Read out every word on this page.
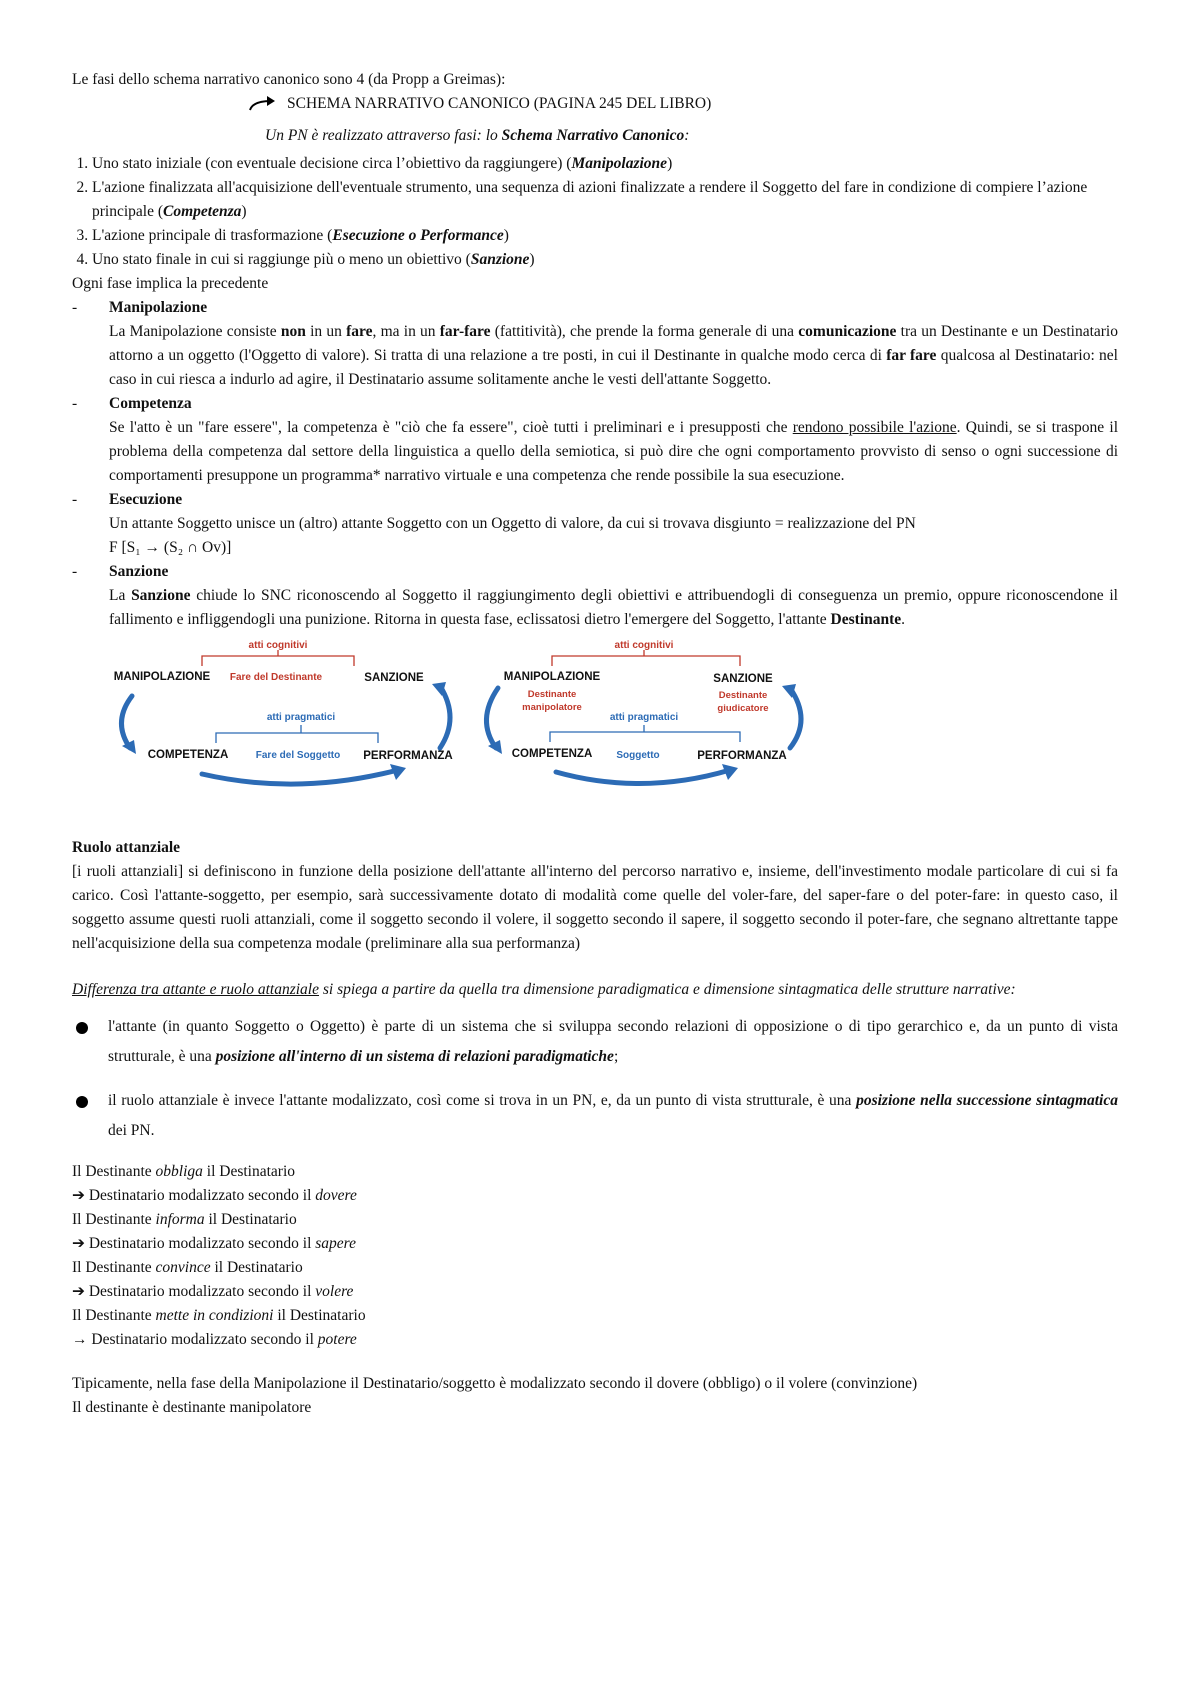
Le fasi dello schema narrativo canonico sono 4 (da Propp a Greimas):

SCHEMA NARRATIVO CANONICO (PAGINA 245 DEL LIBRO)

Un PN è realizzato attraverso fasi: lo Schema Narrativo Canonico:

1. Uno stato iniziale (con eventuale decisione circa l’obiettivo da raggiungere) (Manipolazione)
2. L'azione finalizzata all'acquisizione dell'eventuale strumento, una sequenza di azioni finalizzate a rendere il Soggetto del fare in condizione di compiere l’azione principale (Competenza)
3. L'azione principale di trasformazione (Esecuzione o Performance)
4. Uno stato finale in cui si raggiunge più o meno un obiettivo (Sanzione)

Ogni fase implica la precedente

-	Manipolazione

La Manipolazione consiste non in un fare, ma in un far-fare (fattitività), che prende la forma generale di una comunicazione tra un Destinante e un Destinatario attorno a un oggetto (l'Oggetto di valore). Si tratta di una relazione a tre posti, in cui il Destinante in qualche modo cerca di far fare qualcosa al Destinatario: nel caso in cui riesca a indurlo ad agire, il Destinatario assume solitamente anche le vesti dell'attante Soggetto.

-	Competenza

Se l'atto è un "fare essere", la competenza è "ciò che fa essere", cioè tutti i preliminari e i presupposti che rendono possibile l'azione. Quindi, se si traspone il problema della competenza dal settore della linguistica a quello della semiotica, si può dire che ogni comportamento provvisto di senso o ogni successione di comportamenti presuppone un programma* narrativo virtuale e una competenza che rende possibile la sua esecuzione.

-	Esecuzione

Un attante Soggetto unisce un (altro) attante Soggetto con un Oggetto di valore, da cui si trovava disgiunto = realizzazione del PN

F [S₁ → (S₂ ∩ Ov)]

-	Sanzione

La Sanzione chiude lo SNC riconoscendo al Soggetto il raggiungimento degli obiettivi e attribuendogli di conseguenza un premio, oppure riconoscendone il fallimento e infliggendogli una punizione. Ritorna in questa fase, eclissatosi dietro l'emergere del Soggetto, l'attante Destinante.

atti cognitivi
MANIPOLAZIONE Fare del Destinante	SANZIONE
atti pragmatici
COMPETENZA	Fare del Soggetto PERFORMANZA
atti cognitivi
MANIPOLAZIONE
Destinante
manipolatore
SANZIONE
Destinante
giudicatore
atti pragmatici
COMPETENZA Soggetto	PERFORMANZA

Ruolo attanziale

[i ruoli attanziali] si definiscono in funzione della posizione dell'attante all'interno del percorso narrativo e, insieme, dell'investimento modale particolare di cui si fa carico. Così l'attante-soggetto, per esempio, sarà successivamente dotato di modalità come quelle del voler-fare, del saper-fare o del poter-fare: in questo caso, il soggetto assume questi ruoli attanziali, come il soggetto secondo il volere, il soggetto secondo il sapere, il soggetto secondo il poter-fare, che segnano altrettante tappe nell'acquisizione della sua competenza modale (preliminare alla sua performanza)

Differenza tra attante e ruolo attanziale si spiega a partire da quella tra dimensione paradigmatica e dimensione sintagmatica delle strutture narrative:

l'attante (in quanto Soggetto o Oggetto) è parte di un sistema che si sviluppa secondo relazioni di opposizione o di tipo gerarchico e, da un punto di vista strutturale, è una posizione all'interno di un sistema di relazioni paradigmatiche;
il ruolo attanziale è invece l'attante modalizzato, così come si trova in un PN, e, da un punto di vista strutturale, è una posizione nella successione sintagmatica dei PN.

Il Destinante obbliga il Destinatario

➔ Destinatario modalizzato secondo il dovere

Il Destinante informa il Destinatario

➔ Destinatario modalizzato secondo il sapere

Il Destinante convince il Destinatario

➔ Destinatario modalizzato secondo il volere

Il Destinante mette in condizioni il Destinatario

→ Destinatario modalizzato secondo il potere

Tipicamente, nella fase della Manipolazione il Destinatario/soggetto è modalizzato secondo il dovere (obbligo) o il volere (convinzione)

Il destinante è destinante manipolatore
